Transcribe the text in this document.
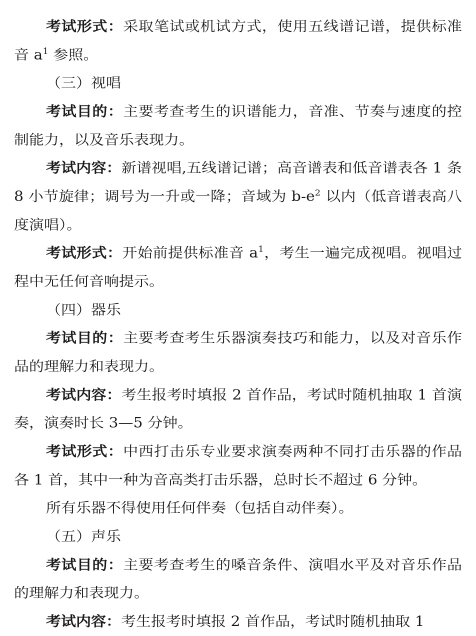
考试形式：采取笔试或机试方式，使用五线谱记谱，提供标准音 $a^1$ 参照。

（三）视唱

考试目的：主要考查考生的识谱能力，音准、节奏与速度的控制能力，以及音乐表现力。

考试内容：新谱视唱,五线谱记谱；高音谱表和低音谱表各 1 条 8 小节旋律；调号为一升或一降；音域为 $b-e^2$ 以内（低音谱表高八度演唱）。

考试形式：开始前提供标准音 $a^1$，考生一遍完成视唱。视唱过程中无任何音响提示。

（四）器乐

考试目的：主要考查考生乐器演奏技巧和能力，以及对音乐作品的理解力和表现力。

考试内容：考生报考时填报 2 首作品，考试时随机抽取 1 首演奏，演奏时长 3—5 分钟。

考试形式：中西打击乐专业要求演奏两种不同打击乐器的作品各 1 首，其中一种为音高类打击乐器，总时长不超过 6 分钟。

所有乐器不得使用任何伴奏（包括自动伴奏）。

（五）声乐

考试目的：主要考查考生的嗓音条件、演唱水平及对音乐作品的理解力和表现力。

考试内容：考生报考时填报 2 首作品，考试时随机抽取 1
